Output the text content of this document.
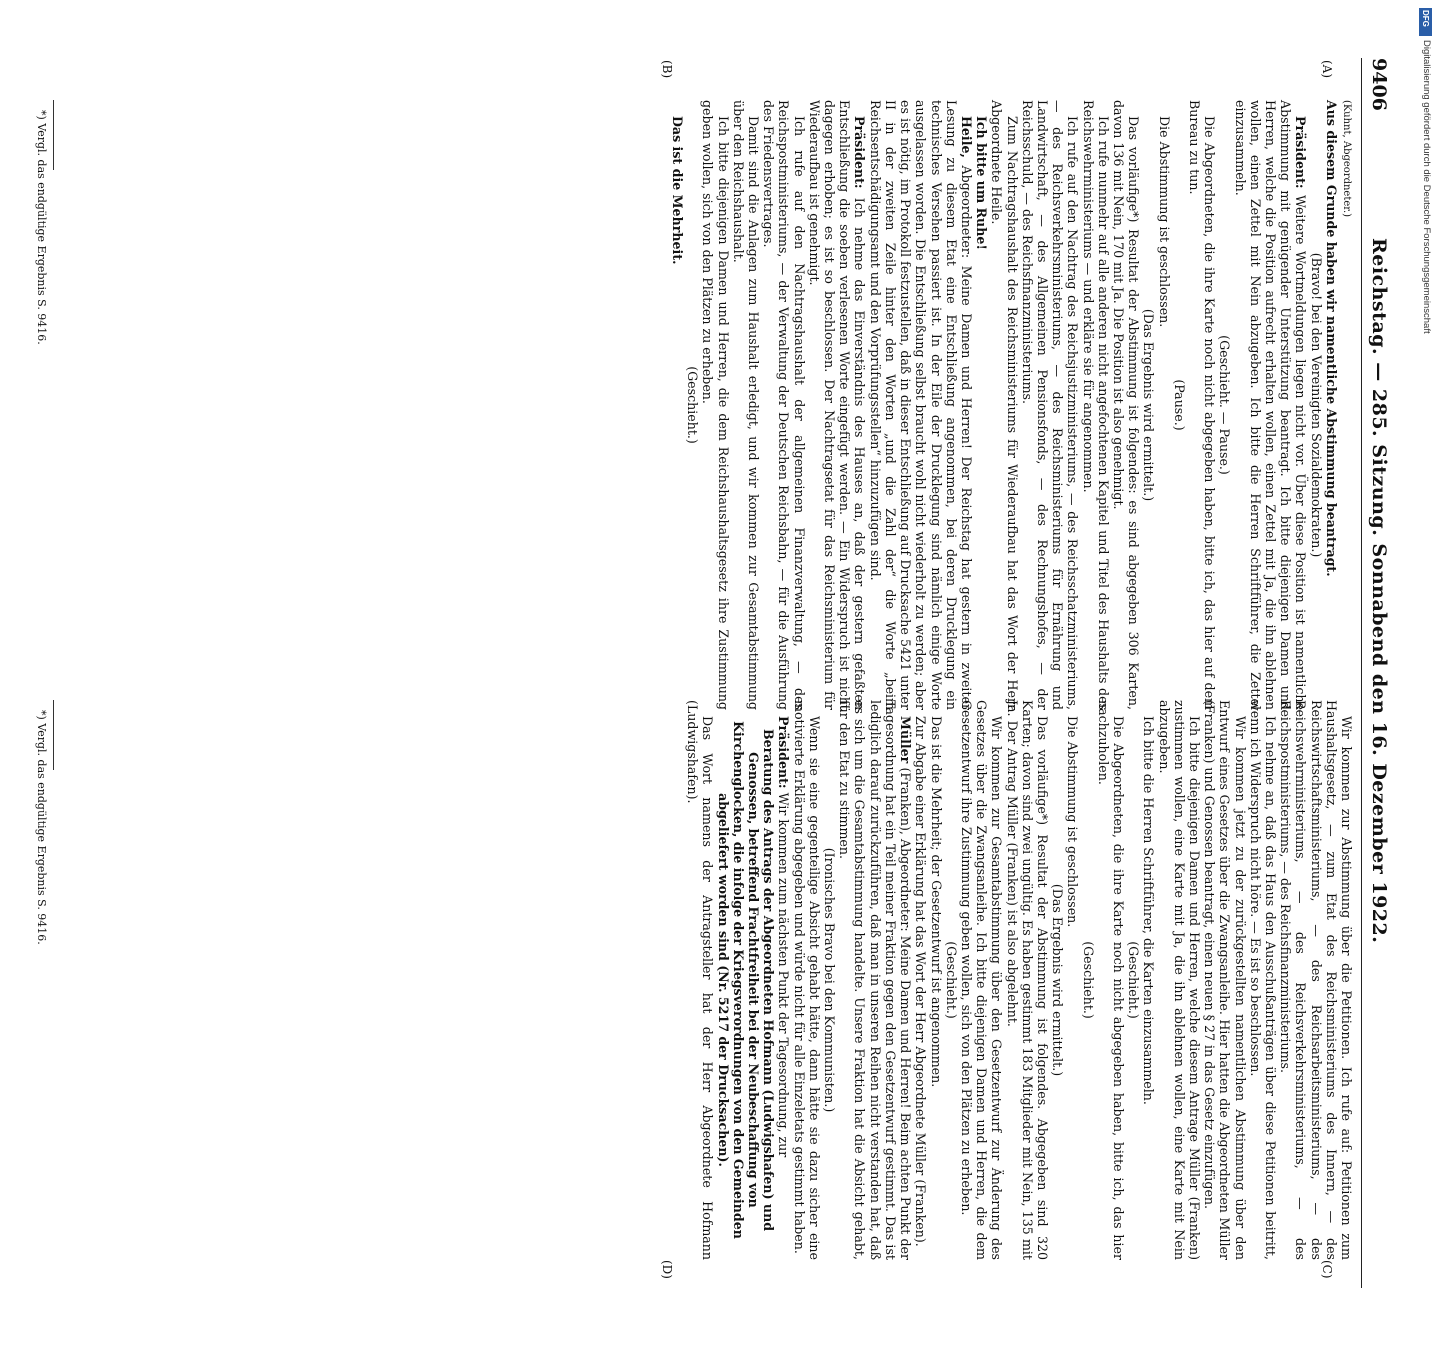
9406
Reichstag. — 285. Sitzung. Sonnabend den 16. Dezember 1922.
(A)
(B)
(C)
(D)

(Kuhnt, Abgeordneter.)

Aus diesem Grunde haben wir namentliche Abstimmung beantragt.

(Bravo! bei den Vereinigten Sozialdemokraten.)

Präsident: Weitere Wortmeldungen liegen nicht vor. Über diese Position ist namentliche Abstimmung mit genügender Unterstützung beantragt. Ich bitte diejenigen Damen und Herren, welche die Position aufrecht erhalten wollen, einen Zettel mit Ja, die ihn ablehnen wollen, einen Zettel mit Nein abzugeben. Ich bitte die Herren Schriftführer, die Zettel einzusammeln.

(Geschieht. — Pause.)

Die Abgeordneten, die ihre Karte noch nicht abgegeben haben, bitte ich, das hier auf dem Bureau zu tun.

(Pause.)

Die Abstimmung ist geschlossen.

(Das Ergebnis wird ermittelt.)

Das vorläufige*) Resultat der Abstimmung ist folgendes: es sind abgegeben 306 Karten, davon 136 mit Nein, 170 mit Ja. Die Position ist also genehmigt.

Ich rufe nunmehr auf alle anderen nicht angefochtenen Kapitel und Titel des Haushalts des Reichswehrministeriums — und erkläre sie für angenommen.

Ich rufe auf den Nachtrag des Reichsjustizministeriums, — des Reichsschatzministeriums, — des Reichsverkehrsministeriums, — des Reichsministeriums für Ernährung und Landwirtschaft, — des Allgemeinen Pensionsfonds, — des Rechnungshofes, — der Reichsschuld, — des Reichsfinanzministeriums.

Zum Nachtragshaushalt des Reichsministeriums für Wiederaufbau hat das Wort der Herr Abgeordnete Heile.

Ich bitte um Ruhe!

Heile, Abgeordneter: Meine Damen und Herren! Der Reichstag hat gestern in zweiter Lesung zu diesem Etat eine Entschließung angenommen, bei deren Drucklegung ein technisches Versehen passiert ist. In der Eile der Drucklegung sind nämlich einige Worte ausgelassen worden. Die Entschließung selbst braucht wohl nicht wiederholt zu werden; aber es ist nötig, im Protokoll festzustellen, daß in dieser Entschließung auf Drucksache 5421 unter II in der zweiten Zeile hinter den Worten „und die Zahl der“ die Worte „beim Reichsentschädigungsamt und den Vorprüfungsstellen“ hinzuzufügen sind.

Präsident: Ich nehme das Einverständnis des Hauses an, daß der gestern gefaßten Entschließung die soeben verlesenen Worte eingefügt werden. — Ein Widerspruch ist nicht dagegen erhoben; es ist so beschlossen. Der Nachtragsetat für das Reichsministerium für Wiederaufbau ist genehmigt.

Ich rufe auf den Nachtragshaushalt der allgemeinen Finanzverwaltung, — des Reichspostministeriums, — der Verwaltung der Deutschen Reichsbahn, — für die Ausführung des Friedensvertrages.

Damit sind die Anlagen zum Haushalt erledigt, und wir kommen zur Gesamtabstimmung über den Reichshaushalt.

Ich bitte diejenigen Damen und Herren, die dem Reichshaushaltsgesetz ihre Zustimmung geben wollen, sich von den Plätzen zu erheben.

(Geschieht.)

Das ist die Mehrheit.

Wir kommen zur Abstimmung über die Petitionen. Ich rufe auf: Petitionen zum Haushaltsgesetz, — zum Etat des Reichsministeriums des Innern, — des Reichswirtschaftsministeriums, — des Reichsarbeitsministeriums, — des Reichswehrministeriums, — des Reichsverkehrsministeriums, — des Reichspostministeriums, — des Reichsfinanzministeriums.

Ich nehme an, daß das Haus den Ausschußanträgen über diese Petitionen beitritt, wenn ich Widerspruch nicht höre. — Es ist so beschlossen.

Wir kommen jetzt zu der zurückgestellten namentlichen Abstimmung über den Entwurf eines Gesetzes über die Zwangsanleihe. Hier hatten die Abgeordneten Müller (Franken) und Genossen beantragt, einen neuen § 27 in das Gesetz einzufügen.

Ich bitte diejenigen Damen und Herren, welche diesem Antrage Müller (Franken) zustimmen wollen, eine Karte mit Ja, die ihn ablehnen wollen, eine Karte mit Nein abzugeben.

Ich bitte die Herren Schriftführer, die Karten einzusammeln.

(Geschieht.)

Die Abgeordneten, die ihre Karte noch nicht abgegeben haben, bitte ich, das hier nachzuholen.

(Geschieht.)

Die Abstimmung ist geschlossen.

(Das Ergebnis wird ermittelt.)

Das vorläufige*) Resultat der Abstimmung ist folgendes. Abgegeben sind 320 Karten; davon sind zwei ungültig. Es haben gestimmt 183 Mitglieder mit Nein, 135 mit Ja. Der Antrag Müller (Franken) ist also abgelehnt.

Wir kommen zur Gesamtabstimmung über den Gesetzentwurf zur Änderung des Gesetzes über die Zwangsanleihe. Ich bitte diejenigen Damen und Herren, die dem Gesetzentwurf ihre Zustimmung geben wollen, sich von den Plätzen zu erheben.

(Geschieht.)

Das ist die Mehrheit; der Gesetzentwurf ist angenommen.

Zur Abgabe einer Erklärung hat das Wort der Herr Abgeordnete Müller (Franken).

Müller (Franken), Abgeordneter: Meine Damen und Herren! Beim achten Punkt der Tagesordnung hat ein Teil meiner Fraktion gegen den Gesetzentwurf gestimmt. Das ist lediglich darauf zurückzuführen, daß man in unseren Reihen nicht verstanden hat, daß es sich um die Gesamtabstimmung handelte. Unsere Fraktion hat die Absicht gehabt, für den Etat zu stimmen.

(Ironisches Bravo bei den Kommunisten.)

Wenn sie eine gegenteilige Absicht gehabt hätte, dann hätte sie dazu sicher eine motivierte Erklärung abgegeben und würde nicht für alle Einzeletats gestimmt haben.

Präsident: Wir kommen zum nächsten Punkt der Tagesordnung, zur

Beratung des Antrags der Abgeordneten Hofmann (Ludwigshafen) und Genossen, betreffend Frachtfreiheit bei der Neubeschaffung von Kirchenglocken, die infolge der Kriegsverordnungen von den Gemeinden abgeliefert worden sind (Nr. 5217 der Drucksachen).

Das Wort namens der Antragsteller hat der Herr Abgeordnete Hofmann (Ludwigshafen).

*) Vergl. das endgültige Ergebnis S. 9416.
*) Vergl. das endgültige Ergebnis S. 9416.
DFG
Digitalisierung gefördert durch die Deutsche Forschungsgemeinschaft
